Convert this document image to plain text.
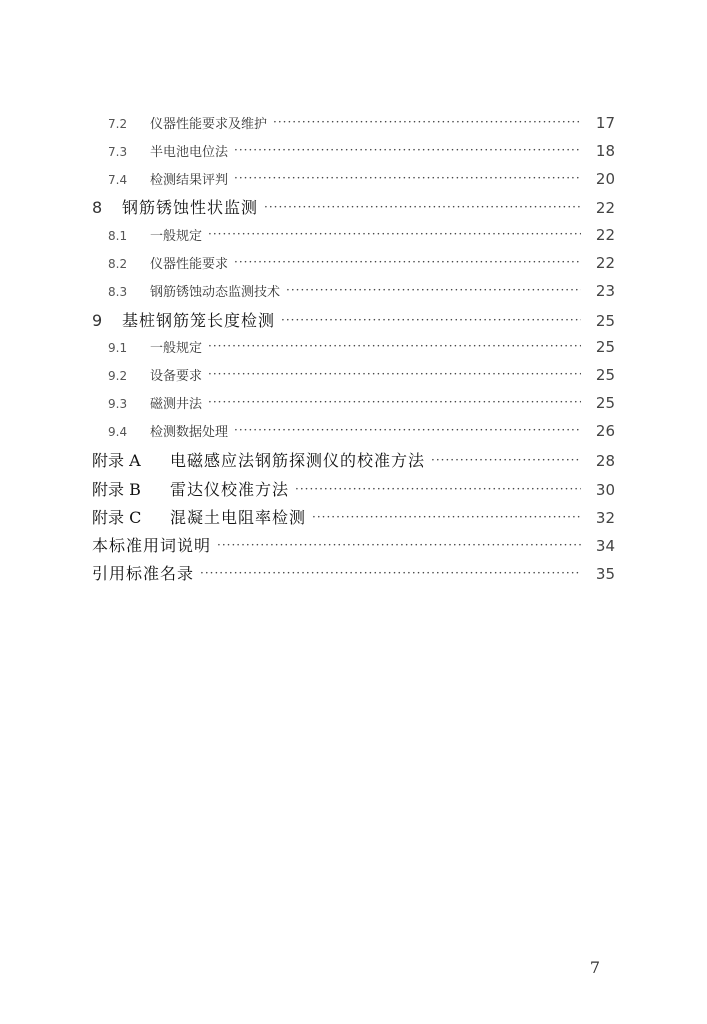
7.2	仪器性能要求及维护 ·····	17
7.3	半电池电位法 ·····	18
7.4	检测结果评判 ·····	20
8	钢筋锈蚀性状监测 ·····	22
8.1	一般规定 ·····	22
8.2	仪器性能要求 ·····	22
8.3	钢筋锈蚀动态监测技术 ·····	23
9	基桩钢筋笼长度检测 ·····	25
9.1	一般规定 ·····	25
9.2	设备要求 ·····	25
9.3	磁测井法 ·····	25
9.4	检测数据处理 ·····	26
附录 A	电磁感应法钢筋探测仪的校准方法 ·····	28
附录 B	雷达仪校准方法 ·····	30
附录 C	混凝土电阻率检测 ·····	32
本标准用词说明 ·····	34
引用标准名录 ·····	35
7
